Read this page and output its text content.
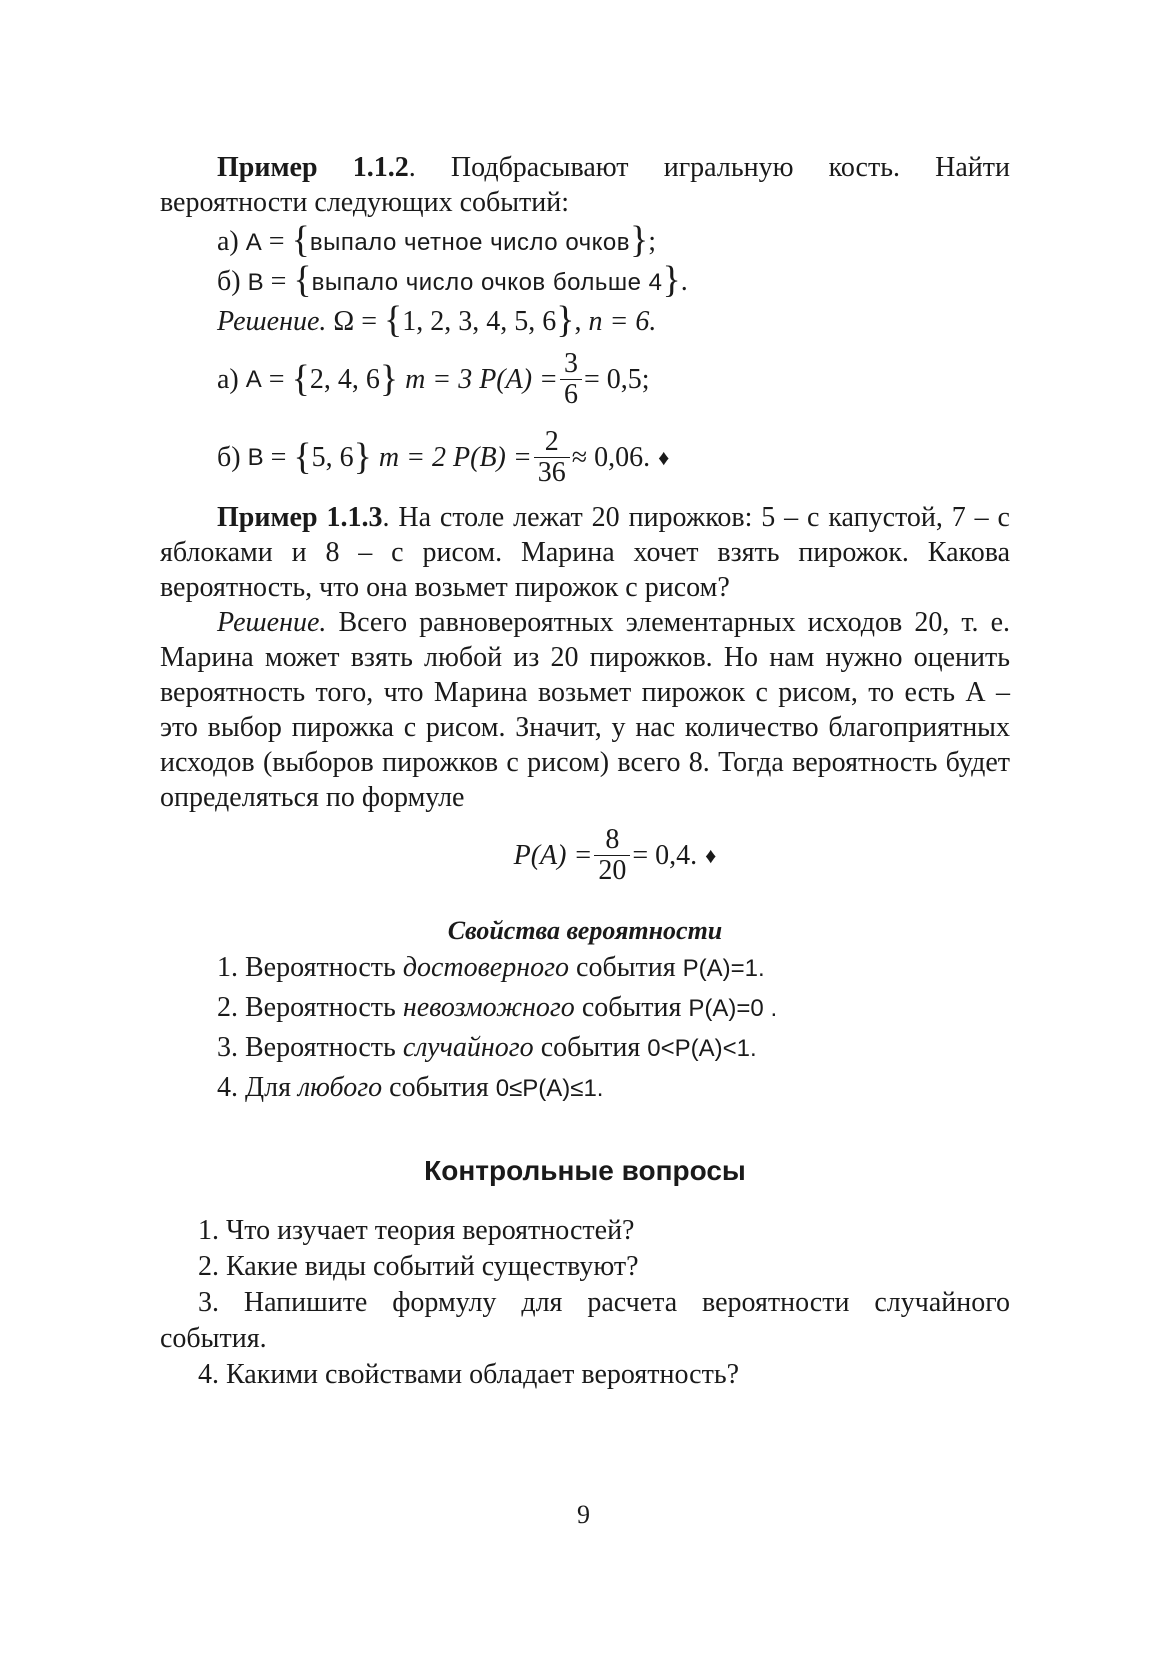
Пример 1.1.2. Подбрасывают игральную кость. Найти вероятности следующих событий:

а) A = {выпало четное число очков};
б) B = {выпало число очков больше 4}.
Решение. Ω = {1, 2, 3, 4, 5, 6}, n = 6.
а)
A = { 2, 4, 6 }
m = 3
$P(A) = \frac{3}{6} = 0,5$;
б)
B = { 5, 6 }
m = 2
$P(B) = \frac{2}{36} \approx 0,06$. ♦

Пример 1.1.3. На столе лежат 20 пирожков: 5 – с капустой, 7 – с яблоками и 8 – с рисом. Марина хочет взять пирожок. Какова вероятность, что она возьмет пирожок с рисом?

Решение. Всего равновероятных элементарных исходов 20, т. е. Марина может взять любой из 20 пирожков. Но нам нужно оценить вероятность того, что Марина возьмет пирожок с рисом, то есть А – это выбор пирожка с рисом. Значит, у нас количество благоприятных исходов (выборов пирожков с рисом) всего 8. Тогда вероятность будет определяться по формуле

$P(A) = \frac{8}{20} = 0,4$. ♦
Свойства вероятности
1. Вероятность достоверного события P(A)=1.
2. Вероятность невозможного события P(A)=0 .
3. Вероятность случайного события 0<P(A)<1.
4. Для любого события 0≤P(A)≤1.
Контрольные вопросы
1. Что изучает теория вероятностей?
2. Какие виды событий существуют?
3. Напишите формулу для расчета вероятности случайного события.
4. Какими свойствами обладает вероятность?
9
